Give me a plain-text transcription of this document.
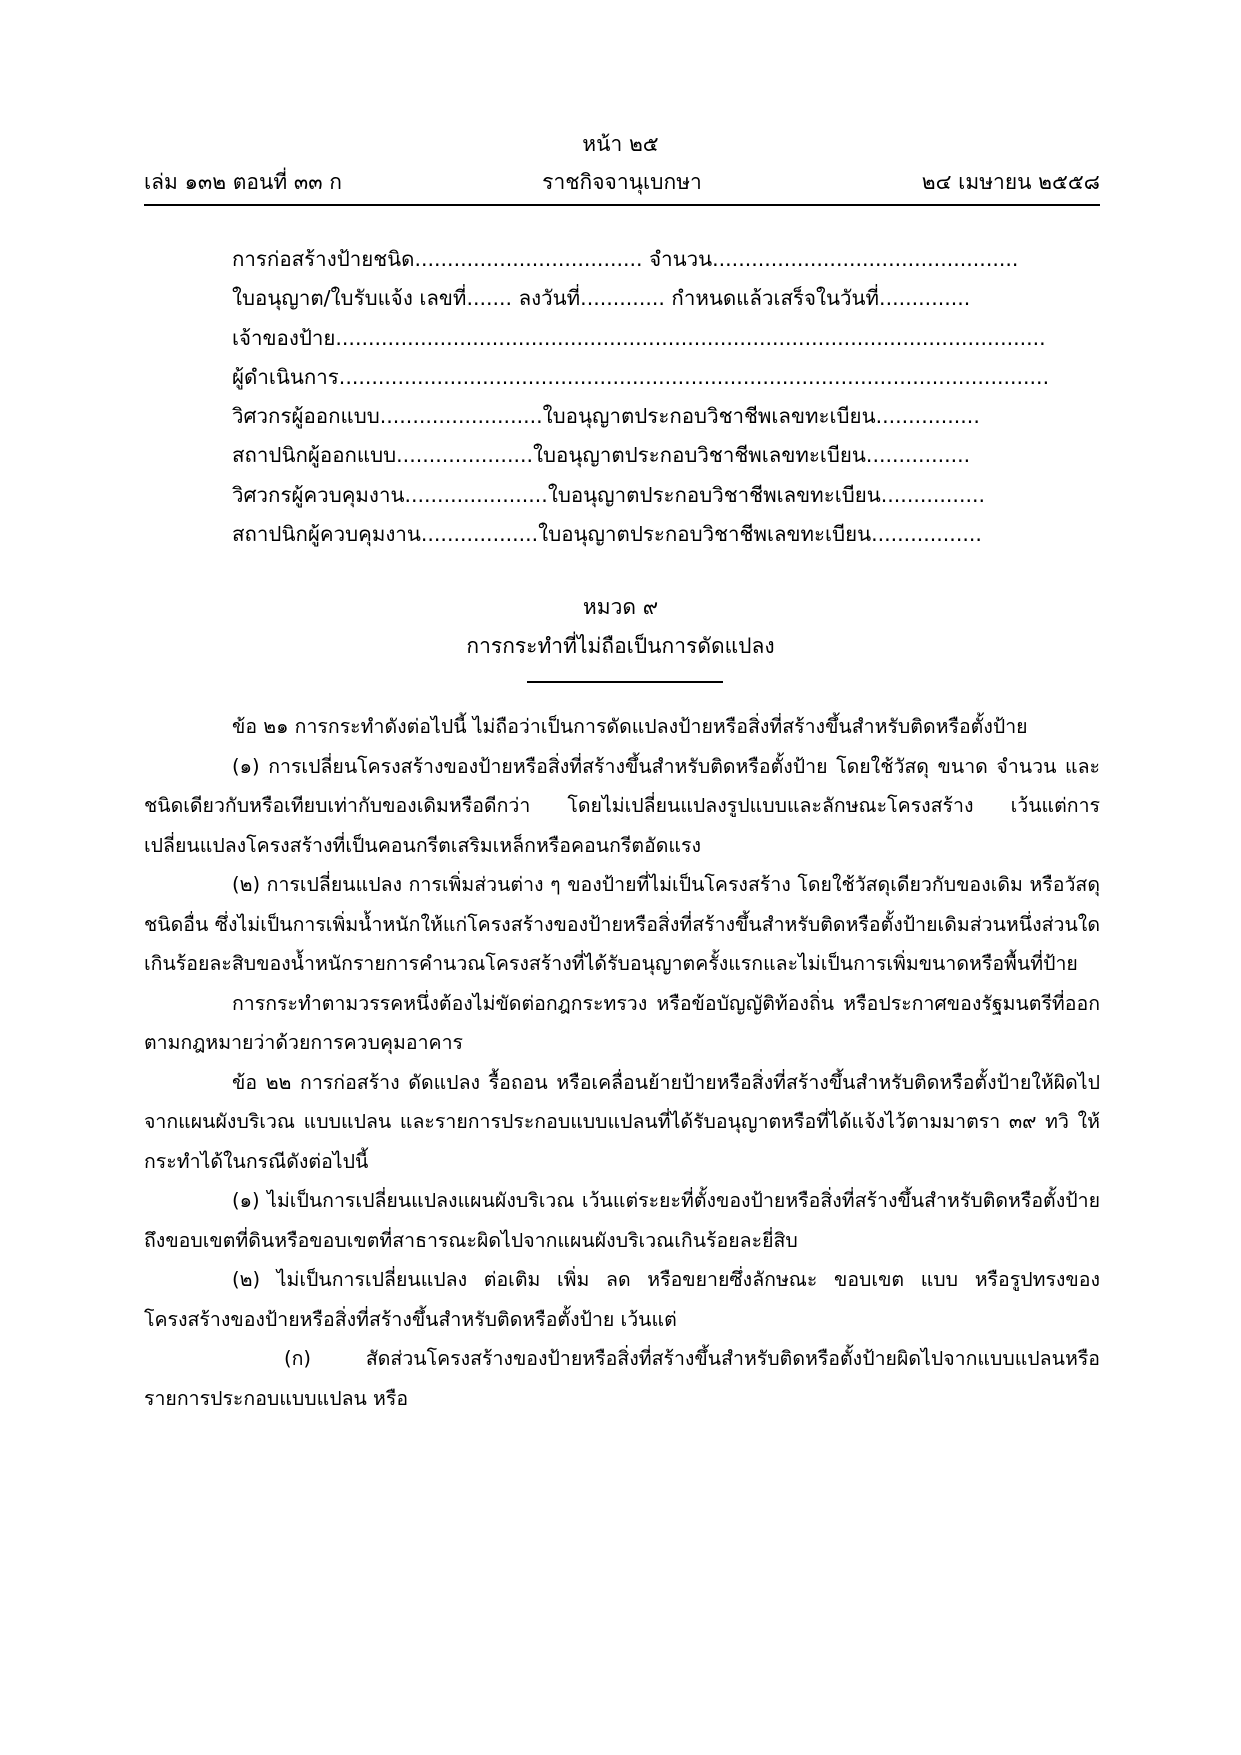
หน้า ๒๕
เล่ม ๑๓๒ ตอนที่ ๓๓ ก	ราชกิจจานุเบกษา	๒๔ เมษายน ๒๕๕๘
การก่อสร้างป้ายชนิด................................... จำนวน...............................................
ใบอนุญาต/ใบรับแจ้ง เลขที่....... ลงวันที่............. กำหนดแล้วเสร็จในวันที่..............
เจ้าของป้าย.............................................................................................................
ผู้ดำเนินการ.............................................................................................................
วิศวกรผู้ออกแบบ.........................ใบอนุญาตประกอบวิชาชีพเลขทะเบียน................
สถาปนิกผู้ออกแบบ.....................ใบอนุญาตประกอบวิชาชีพเลขทะเบียน................
วิศวกรผู้ควบคุมงาน......................ใบอนุญาตประกอบวิชาชีพเลขทะเบียน................
สถาปนิกผู้ควบคุมงาน..................ใบอนุญาตประกอบวิชาชีพเลขทะเบียน.................
หมวด ๙
การกระทำที่ไม่ถือเป็นการดัดแปลง

ข้อ ๒๑ การกระทำดังต่อไปนี้ ไม่ถือว่าเป็นการดัดแปลงป้ายหรือสิ่งที่สร้างขึ้นสำหรับติดหรือตั้งป้าย

(๑) การเปลี่ยนโครงสร้างของป้ายหรือสิ่งที่สร้างขึ้นสำหรับติดหรือตั้งป้าย โดยใช้วัสดุ ขนาด จำนวน และชนิดเดียวกับหรือเทียบเท่ากับของเดิมหรือดีกว่า โดยไม่เปลี่ยนแปลงรูปแบบและลักษณะโครงสร้าง เว้นแต่การเปลี่ยนแปลงโครงสร้างที่เป็นคอนกรีตเสริมเหล็กหรือคอนกรีตอัดแรง

(๒) การเปลี่ยนแปลง การเพิ่มส่วนต่าง ๆ ของป้ายที่ไม่เป็นโครงสร้าง โดยใช้วัสดุเดียวกับของเดิม หรือวัสดุชนิดอื่น ซึ่งไม่เป็นการเพิ่มน้ำหนักให้แก่โครงสร้างของป้ายหรือสิ่งที่สร้างขึ้นสำหรับติดหรือตั้งป้ายเดิมส่วนหนึ่งส่วนใดเกินร้อยละสิบของน้ำหนักรายการคำนวณโครงสร้างที่ได้รับอนุญาตครั้งแรกและไม่เป็นการเพิ่มขนาดหรือพื้นที่ป้าย

การกระทำตามวรรคหนึ่งต้องไม่ขัดต่อกฎกระทรวง หรือข้อบัญญัติท้องถิ่น หรือประกาศของรัฐมนตรีที่ออกตามกฎหมายว่าด้วยการควบคุมอาคาร

ข้อ ๒๒ การก่อสร้าง ดัดแปลง รื้อถอน หรือเคลื่อนย้ายป้ายหรือสิ่งที่สร้างขึ้นสำหรับติดหรือตั้งป้ายให้ผิดไปจากแผนผังบริเวณ แบบแปลน และรายการประกอบแบบแปลนที่ได้รับอนุญาตหรือที่ได้แจ้งไว้ตามมาตรา ๓๙ ทวิ ให้กระทำได้ในกรณีดังต่อไปนี้

(๑) ไม่เป็นการเปลี่ยนแปลงแผนผังบริเวณ เว้นแต่ระยะที่ตั้งของป้ายหรือสิ่งที่สร้างขึ้นสำหรับติดหรือตั้งป้าย ถึงขอบเขตที่ดินหรือขอบเขตที่สาธารณะผิดไปจากแผนผังบริเวณเกินร้อยละยี่สิบ

(๒) ไม่เป็นการเปลี่ยนแปลง ต่อเติม เพิ่ม ลด หรือขยายซึ่งลักษณะ ขอบเขต แบบ หรือรูปทรงของโครงสร้างของป้ายหรือสิ่งที่สร้างขึ้นสำหรับติดหรือตั้งป้าย เว้นแต่

(ก) สัดส่วนโครงสร้างของป้ายหรือสิ่งที่สร้างขึ้นสำหรับติดหรือตั้งป้ายผิดไปจากแบบแปลนหรือรายการประกอบแบบแปลน หรือ
